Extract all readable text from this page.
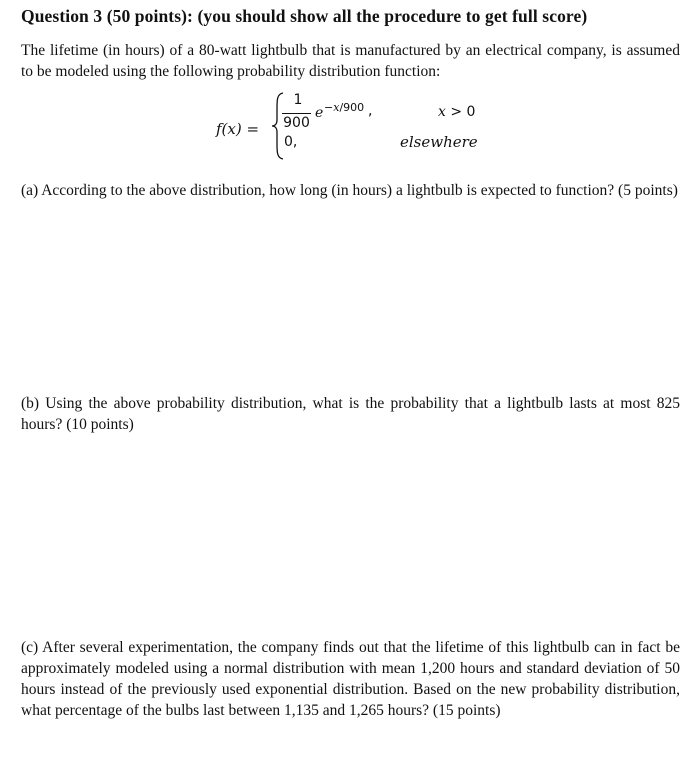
Question 3 (50 points): (you should show all the procedure to get full score)
The lifetime (in hours) of a 80-watt lightbulb that is manufactured by an electrical company, is assumed to be modeled using the following probability distribution function:
f(x) =
1
900
e −x/900 ,
0,
x > 0
elsewhere
(a) According to the above distribution, how long (in hours) a lightbulb is expected to function? (5 points)
(b) Using the above probability distribution, what is the probability that a lightbulb lasts at most 825 hours? (10 points)
(c) After several experimentation, the company finds out that the lifetime of this lightbulb can in fact be approximately modeled using a normal distribution with mean 1,200 hours and standard deviation of 50 hours instead of the previously used exponential distribution. Based on the new probability distribution, what percentage of the bulbs last between 1,135 and 1,265 hours? (15 points)
